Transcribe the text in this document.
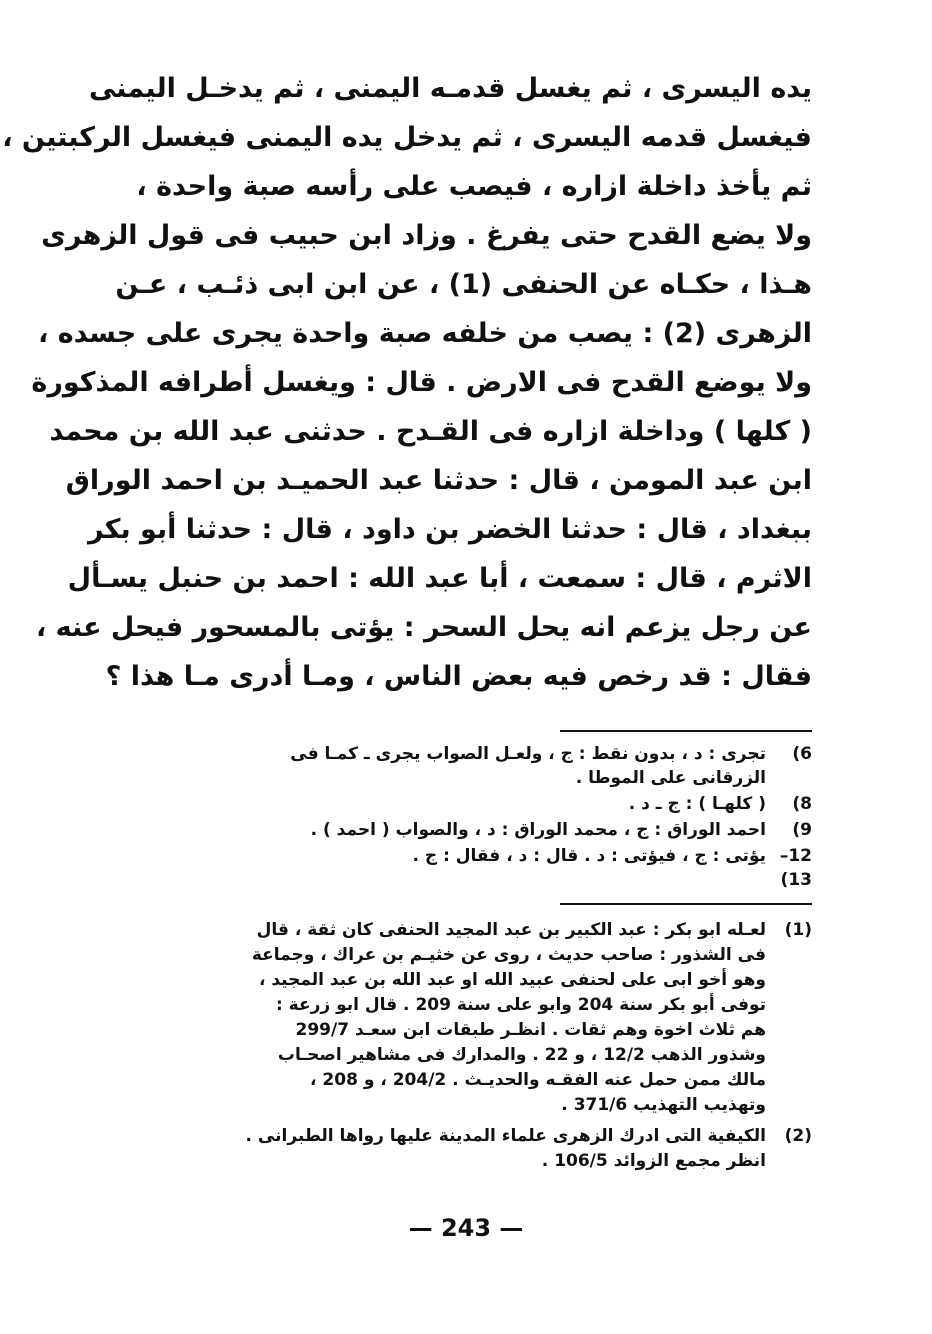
يده اليسرى ، ثم يغسل قدمـه اليمنى ، ثم يدخـل اليمنى
فيغسل قدمه اليسرى ، ثم يدخل يده اليمنى فيغسل الركبتين ،
ثم يأخذ داخلة ازاره ، فيصب على رأسه صبة واحدة ،
ولا يضع القدح حتى يفرغ . وزاد ابن حبيب فى قول الزهرى
هـذا ، حكـاه عن الحنفى (1) ، عن ابن ابى ذئـب ، عـن
الزهرى (2) : يصب من خلفه صبة واحدة يجرى على جسده ،
ولا يوضع القدح فى الارض . قال : ويغسل أطرافه المذكورة
( كلها ) وداخلة ازاره فى القـدح . حدثنى عبد الله بن محمد
ابن عبد المومن ، قال : حدثنا عبد الحميـد بن احمد الوراق
ببغداد ، قال : حدثنا الخضر بن داود ، قال : حدثنا أبو بكر
الاثرم ، قال : سمعت ، أبا عبد الله : احمد بن حنبل يسـأل
عن رجل يزعم انه يحل السحر : يؤتى بالمسحور فيحل عنه ،
فقال : قد رخص فيه بعض الناس ، ومـا أدرى مـا هذا ؟
6)
تجرى : د ، بدون نقط : ج ، ولعـل الصواب يجرى ـ كمـا فى
الزرقانى على الموطا .
8)
( كلهـا ) : ج ـ د .
9)
احمد الوراق : ج ، محمد الوراق : د ، والصواب ( احمد ) .
12–13)
يؤتى : ج ، فيؤتى : د . قال : د ، فقال : ج .
(1)
لعـله ابو بكر : عبد الكبير بن عبد المجيد الحنفى كان ثقة ، قال
فى الشذور : صاحب حديث ، روى عن خثيـم بن عراك ، وجماعة
وهو أخو ابى على لحنفى عبيد الله او عبد الله بن عبد المجيد ،
توفى أبو بكر سنة 204 وابو على سنة 209 . قال ابو زرعة :
هم ثلاث اخوة وهم ثقات . انظـر طبقات ابن سعـد 299/7
وشذور الذهب 12/2 ، و 22 . والمدارك فى مشاهير اصحـاب
مالك ممن حمل عنه الفقـه والحديـث . 204/2 ، و 208 ،
وتهذيب التهذيب 371/6 .
(2)
الكيفية التى ادرك الزهرى علماء المدينة عليها رواها الطبرانى .
انظر مجمع الزوائد 106/5 .
— 243 —
